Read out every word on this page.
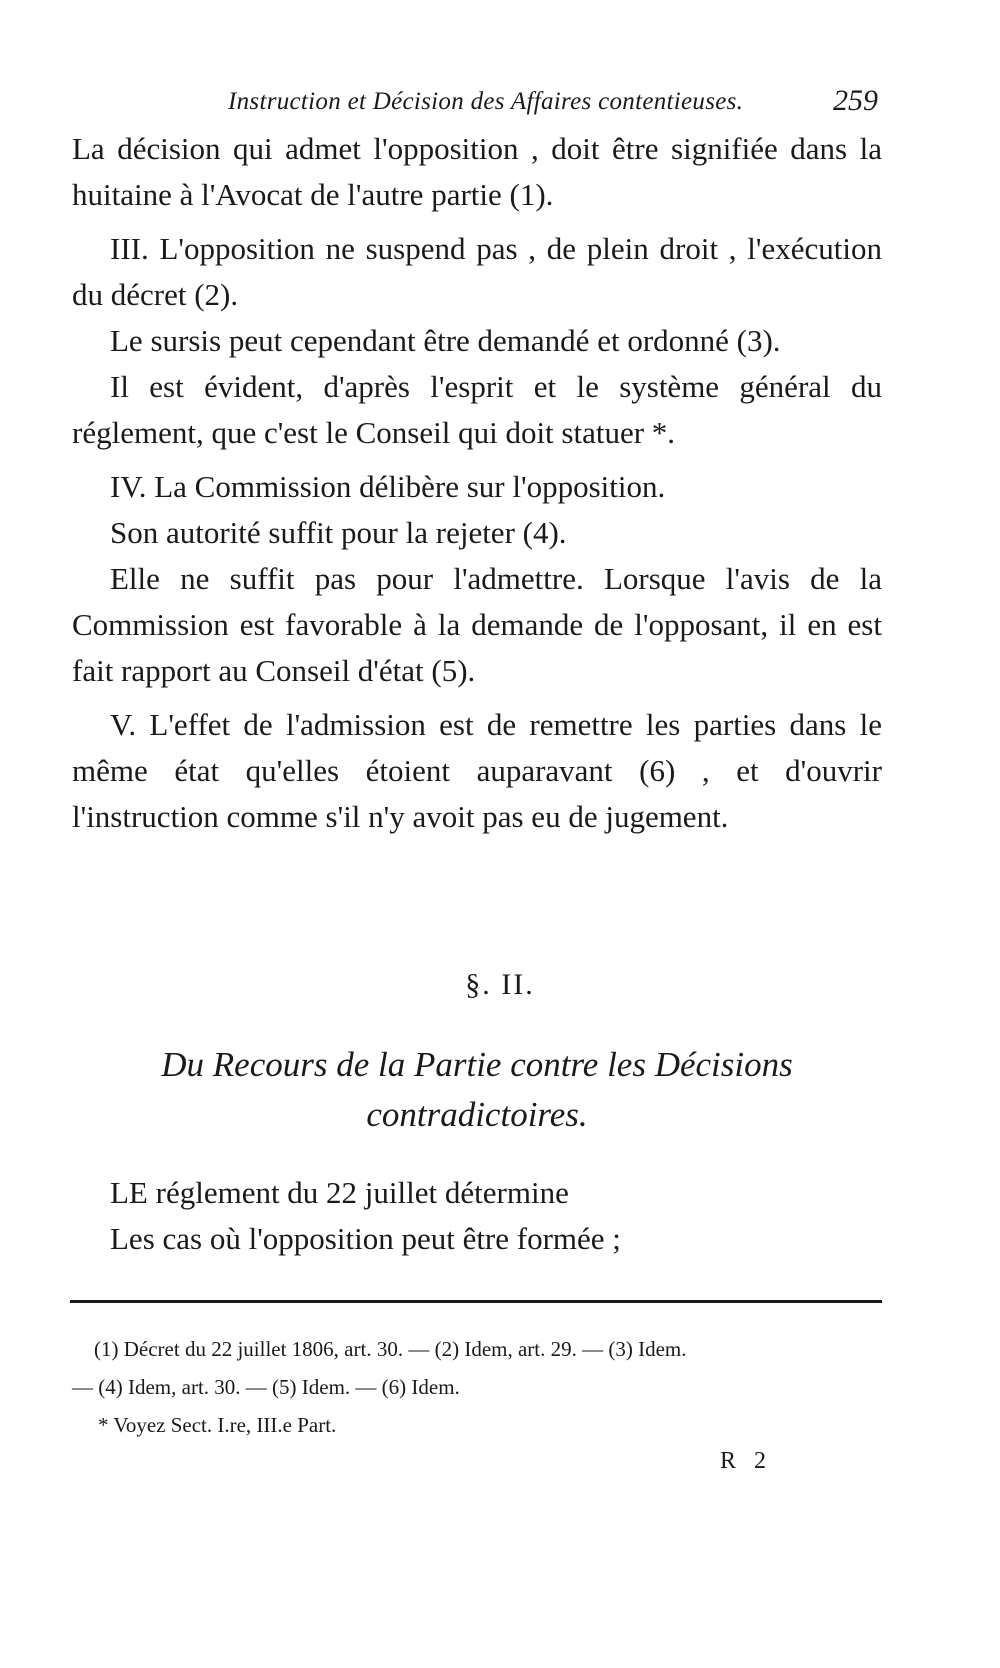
Instruction et Décision des Affaires contentieuses.	259

La décision qui admet l'opposition , doit être signifiée dans la huitaine à l'Avocat de l'autre partie (1).

III. L'opposition ne suspend pas , de plein droit , l'exécution du décret (2).

Le sursis peut cependant être demandé et ordonné (3).

Il est évident, d'après l'esprit et le système général du réglement, que c'est le Conseil qui doit statuer *.

IV. La Commission délibère sur l'opposition.

Son autorité suffit pour la rejeter (4).

Elle ne suffit pas pour l'admettre. Lorsque l'avis de la Commission est favorable à la demande de l'opposant, il en est fait rapport au Conseil d'état (5).

V. L'effet de l'admission est de remettre les parties dans le même état qu'elles étoient auparavant (6) , et d'ouvrir l'instruction comme s'il n'y avoit pas eu de jugement.

§. II.
Du Recours de la Partie contre les Décisions contradictoires.

LE réglement du 22 juillet détermine

Les cas où l'opposition peut être formée ;

(1) Décret du 22 juillet 1806, art. 30. — (2) Idem, art. 29. — (3) Idem.

— (4) Idem, art. 30. — (5) Idem. — (6) Idem.

* Voyez Sect. I.re, III.e Part.

R 2
